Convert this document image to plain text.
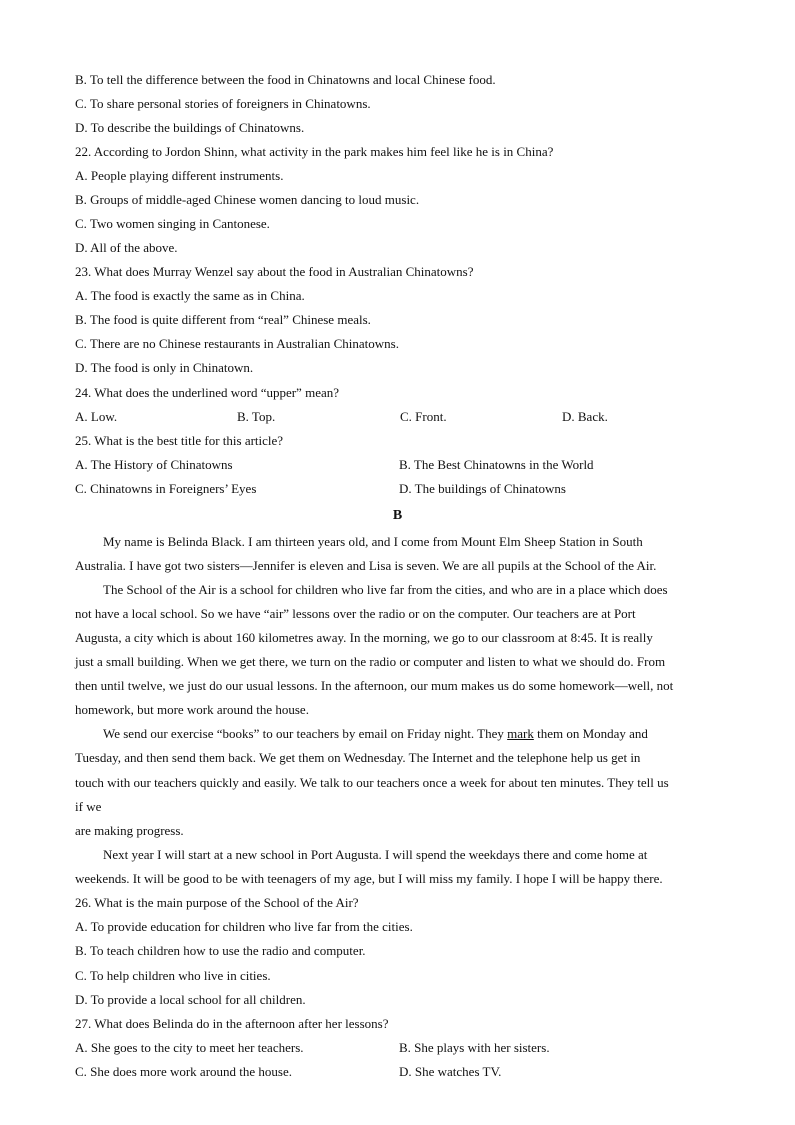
B. To tell the difference between the food in Chinatowns and local Chinese food.
C. To share personal stories of foreigners in Chinatowns.
D. To describe the buildings of Chinatowns.
22. According to Jordon Shinn, what activity in the park makes him feel like he is in China?
A. People playing different instruments.
B. Groups of middle-aged Chinese women dancing to loud music.
C. Two women singing in Cantonese.
D. All of the above.
23. What does Murray Wenzel say about the food in Australian Chinatowns?
A. The food is exactly the same as in China.
B. The food is quite different from “real” Chinese meals.
C. There are no Chinese restaurants in Australian Chinatowns.
D. The food is only in Chinatown.
24. What does the underlined word “upper” mean?
A. Low.	B. Top.	C. Front.	D. Back.
25. What is the best title for this article?
A. The History of Chinatowns	B. The Best Chinatowns in the World
C. Chinatowns in Foreigners’ Eyes	D. The buildings of Chinatowns
B
My name is Belinda Black. I am thirteen years old, and I come from Mount Elm Sheep Station in South
Australia. I have got two sisters—Jennifer is eleven and Lisa is seven. We are all pupils at the School of the Air.
The School of the Air is a school for children who live far from the cities, and who are in a place which does
not have a local school. So we have “air” lessons over the radio or on the computer. Our teachers are at Port
Augusta, a city which is about 160 kilometres away. In the morning, we go to our classroom at 8:45. It is really
just a small building. When we get there, we turn on the radio or computer and listen to what we should do. From
then until twelve, we just do our usual lessons. In the afternoon, our mum makes us do some homework—well, not
homework, but more work around the house.
We send our exercise “books” to our teachers by email on Friday night. They mark them on Monday and
Tuesday, and then send them back. We get them on Wednesday. The Internet and the telephone help us get in
touch with our teachers quickly and easily. We talk to our teachers once a week for about ten minutes. They tell us
if we
are making progress.
Next year I will start at a new school in Port Augusta. I will spend the weekdays there and come home at
weekends. It will be good to be with teenagers of my age, but I will miss my family. I hope I will be happy there.
26. What is the main purpose of the School of the Air?
A. To provide education for children who live far from the cities.
B. To teach children how to use the radio and computer.
C. To help children who live in cities.
D. To provide a local school for all children.
27. What does Belinda do in the afternoon after her lessons?
A. She goes to the city to meet her teachers.	B. She plays with her sisters.
C. She does more work around the house.	D. She watches TV.
